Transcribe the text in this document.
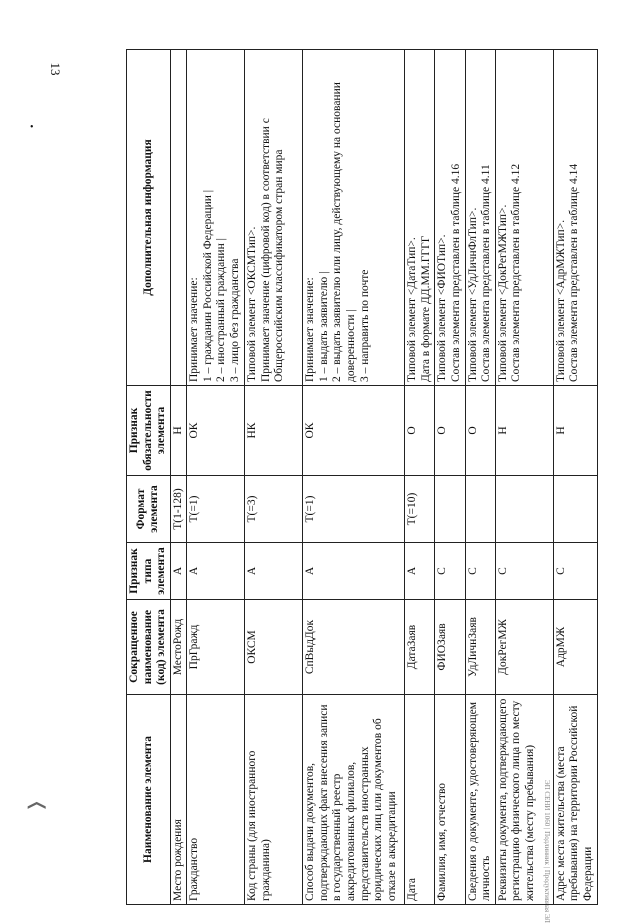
13
•
❬	ЭП СЕНИ 1060 | Подлинник | Продуктивная ЭЛ
Наименование элемента	Сокращенное наименование (код) элемента	Признак типа элемента	Формат элемента	Признак обязательности элемента	Дополнительная информация
Место рождения	МестоРожд	А	T(1-128)	Н	
Гражданство	ПрГражд	А	T(=1)	ОК	Принимает значение: 1 – гражданин Российской Федерации | 2 – иностранный гражданин | 3 – лицо без гражданства

Код страны (для иностранного гражданина)	ОКСМ	А	T(=3)	НК	Типовой элемент <ОКСМТип>. Принимает значение (цифровой код) в соответствии с Общероссийским классификатором стран мира

Способ выдачи документов, подтверждающих факт внесения записи в государственный реестр аккредитованных филиалов, представительств иностранных юридических лиц или документов об отказе в аккредитации	СпВыдДок	А	T(=1)	ОК	Принимает значение: 1 – выдать заявителю | 2 – выдать заявителю или лицу, действующему на основании доверенности | 3 – направить по почте

Дата	ДатаЗаяв	А	T(=10)	О	Типовой элемент <ДатаТип>. Дата в формате ДД.ММ.ГГГГ

Фамилия, имя, отчество	ФИОЗаяв	С		О	Типовой элемент <ФИОТип>. Состав элемента представлен в таблице 4.16

Сведения о документе, удостоверяющем личность	УдЛичнЗаяв	С		О	Типовой элемент <УдЛичнФлТип>. Состав элемента представлен в таблице 4.11

Реквизиты документа, подтверждающего регистрацию физического лица по месту жительства (месту пребывания)	ДокРегМЖ	С		Н	Типовой элемент <ДокРегМЖТип>. Состав элемента представлен в таблице 4.12

Адрес места жительства (места пребывания) на территории Российской Федерации	АдрМЖ	С		Н	Типовой элемент <АдрМЖТип>. Состав элемента представлен в таблице 4.14
